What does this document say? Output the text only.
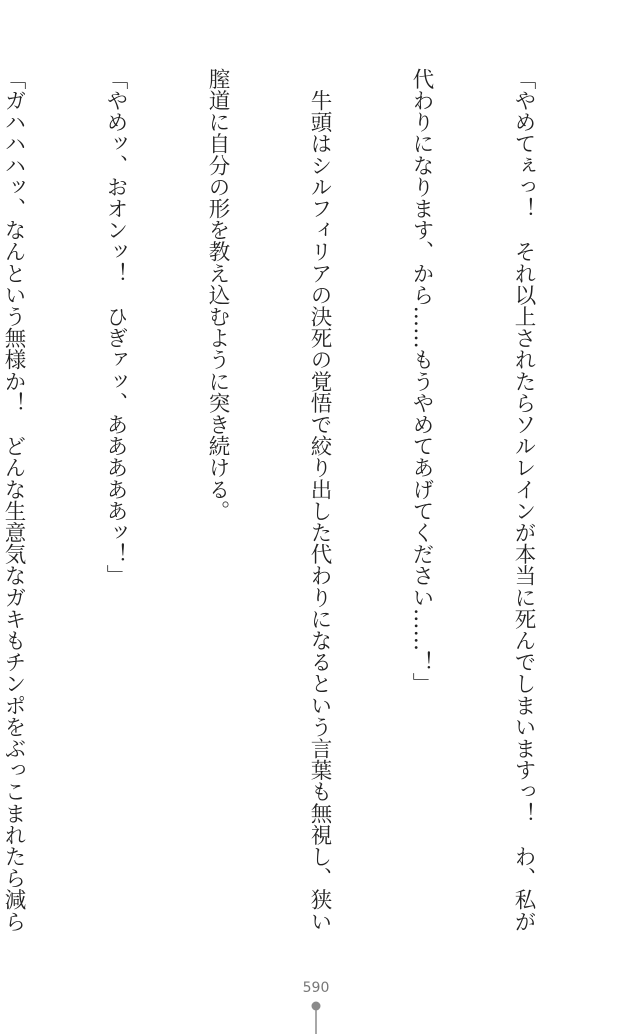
「やめてぇっ！　それ以上されたらソルレインが本当に死んでしまいますっ！　わ、私が

代わりになります、から……もうやめてあげてください……！」

　牛頭はシルフィリアの決死の覚悟で絞り出した代わりになるという言葉も無視し、狭い

膣道に自分の形を教え込むように突き続ける。

「やめッ、おオンッ！　ひぎァッ、あああああッ！」

「ガハハハッ、なんという無様か！　どんな生意気なガキもチンポをぶっこまれたら減ら

590
